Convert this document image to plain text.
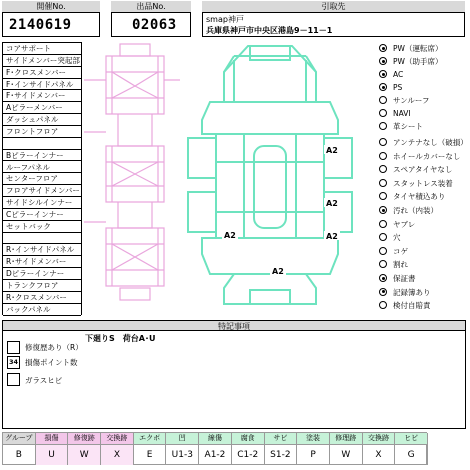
開催No.
2140619
出品No.
02063
引取先
smap神戸
兵庫県神戸市中央区港島9－11－1
コアサポート
サイドメンバー突起部
F･クロスメンバー
F･インサイドパネル
F･サイドメンバー
Aピラーメンバー
ダッシュパネル
フロントフロア
Bピラーインナー
ルーフパネル
センターフロア
フロアサイドメンバー
サイドシルインナー
Cピラーインナー
セットバック
R･インサイドパネル
R･サイドメンバー
Dピラーインナー
トランクフロア
R･クロスメンバー
バックパネル
PW（運転席）
PW（助手席）
AC
PS
サンルーフ
NAVI
革シート
アンテナなし（破損）
ホイールカバーなし
スペアタイヤなし
スタットレス装着
タイヤ積込あり
汚れ（内装）
ヤブレ
穴
コゲ
割れ
保証書
記録簿あり
検付自賠責
A2
A2
A2	A2
A2
特記事項
下廻りS　荷台A･U
修復歴あり（R）
34 損傷ポイント数
ガラスヒビ
グループ
B
損傷
U
修復跡
W
交換跡
X
エクボ
E
凹
U1-3
線傷
A1-2
腐食
C1-2
サビ
S1-2
塗装
P
修理跡
W
交換跡
X
ヒビ
G
